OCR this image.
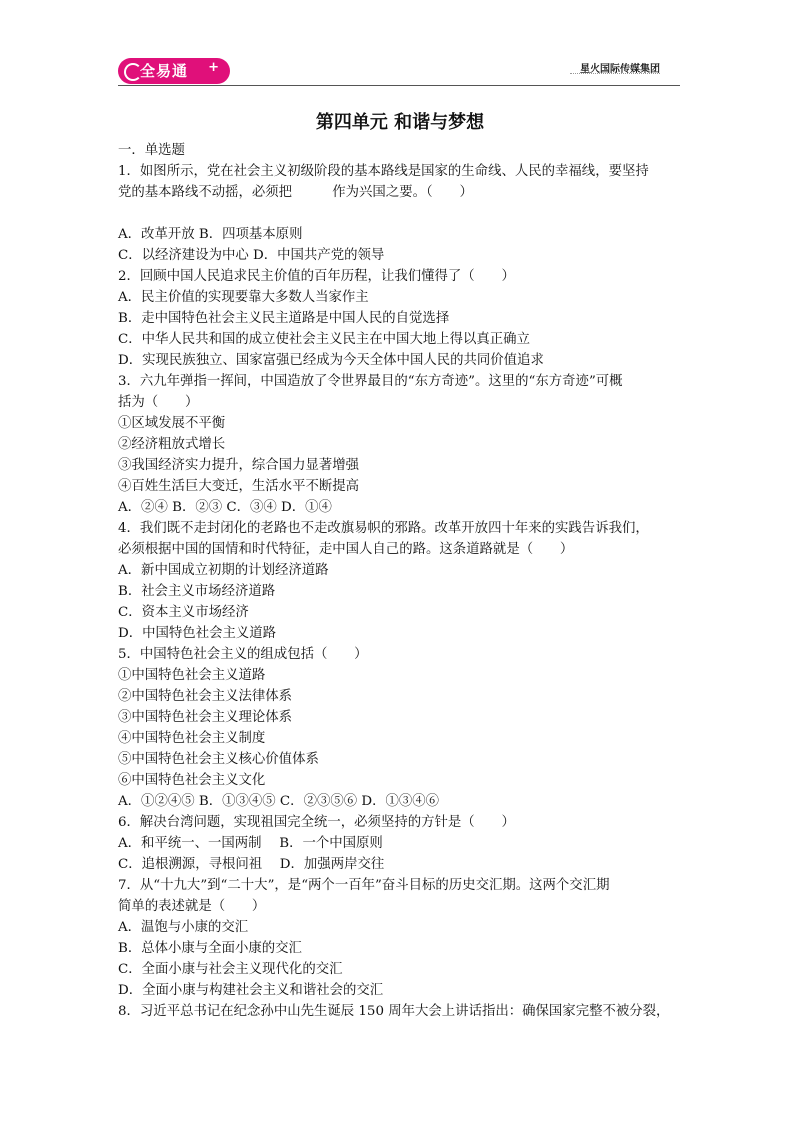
全易通	+	星火国际传媒集团
第四单元 和谐与梦想
一．单选题
1．如图所示，党在社会主义初级阶段的基本路线是国家的生命线、人民的幸福线，要坚持
党的基本路线不动摇，必须把　　　作为兴国之要。（　　）
A．改革开放 B．四项基本原则
C．以经济建设为中心 D．中国共产党的领导
2．回顾中国人民追求民主价值的百年历程，让我们懂得了（　　）
A．民主价值的实现要靠大多数人当家作主
B．走中国特色社会主义民主道路是中国人民的自觉选择
C．中华人民共和国的成立使社会主义民主在中国大地上得以真正确立
D．实现民族独立、国家富强已经成为今天全体中国人民的共同价值追求
3．六九年弹指一挥间，中国造放了令世界最目的“东方奇迹”。这里的“东方奇迹”可概
括为（　　）
①区域发展不平衡
②经济粗放式增长
③我国经济实力提升，综合国力显著增强
④百姓生活巨大变迁，生活水平不断提高
A．②④ B．②③ C．③④ D．①④
4．我们既不走封闭化的老路也不走改旗易帜的邪路。改革开放四十年来的实践告诉我们，
必须根据中国的国情和时代特征，走中国人自己的路。这条道路就是（　　）
A．新中国成立初期的计划经济道路
B．社会主义市场经济道路
C．资本主义市场经济
D．中国特色社会主义道路
5．中国特色社会主义的组成包括（　　）
①中国特色社会主义道路
②中国特色社会主义法律体系
③中国特色社会主义理论体系
④中国特色社会主义制度
⑤中国特色社会主义核心价值体系
⑥中国特色社会主义文化
A．①②④⑤ B．①③④⑤ C．②③⑤⑥ D．①③④⑥
6．解决台湾问题，实现祖国完全统一，必须坚持的方针是（　　）
A．和平统一、一国两制　 B．一个中国原则
C．追根溯源，寻根问祖　 D．加强两岸交往
7．从“十九大”到“二十大”，是“两个一百年”奋斗目标的历史交汇期。这两个交汇期
简单的表述就是（　　）
A．温饱与小康的交汇
B．总体小康与全面小康的交汇
C．全面小康与社会主义现代化的交汇
D．全面小康与构建社会主义和谐社会的交汇
8．习近平总书记在纪念孙中山先生诞辰 150 周年大会上讲话指出：确保国家完整不被分裂，
